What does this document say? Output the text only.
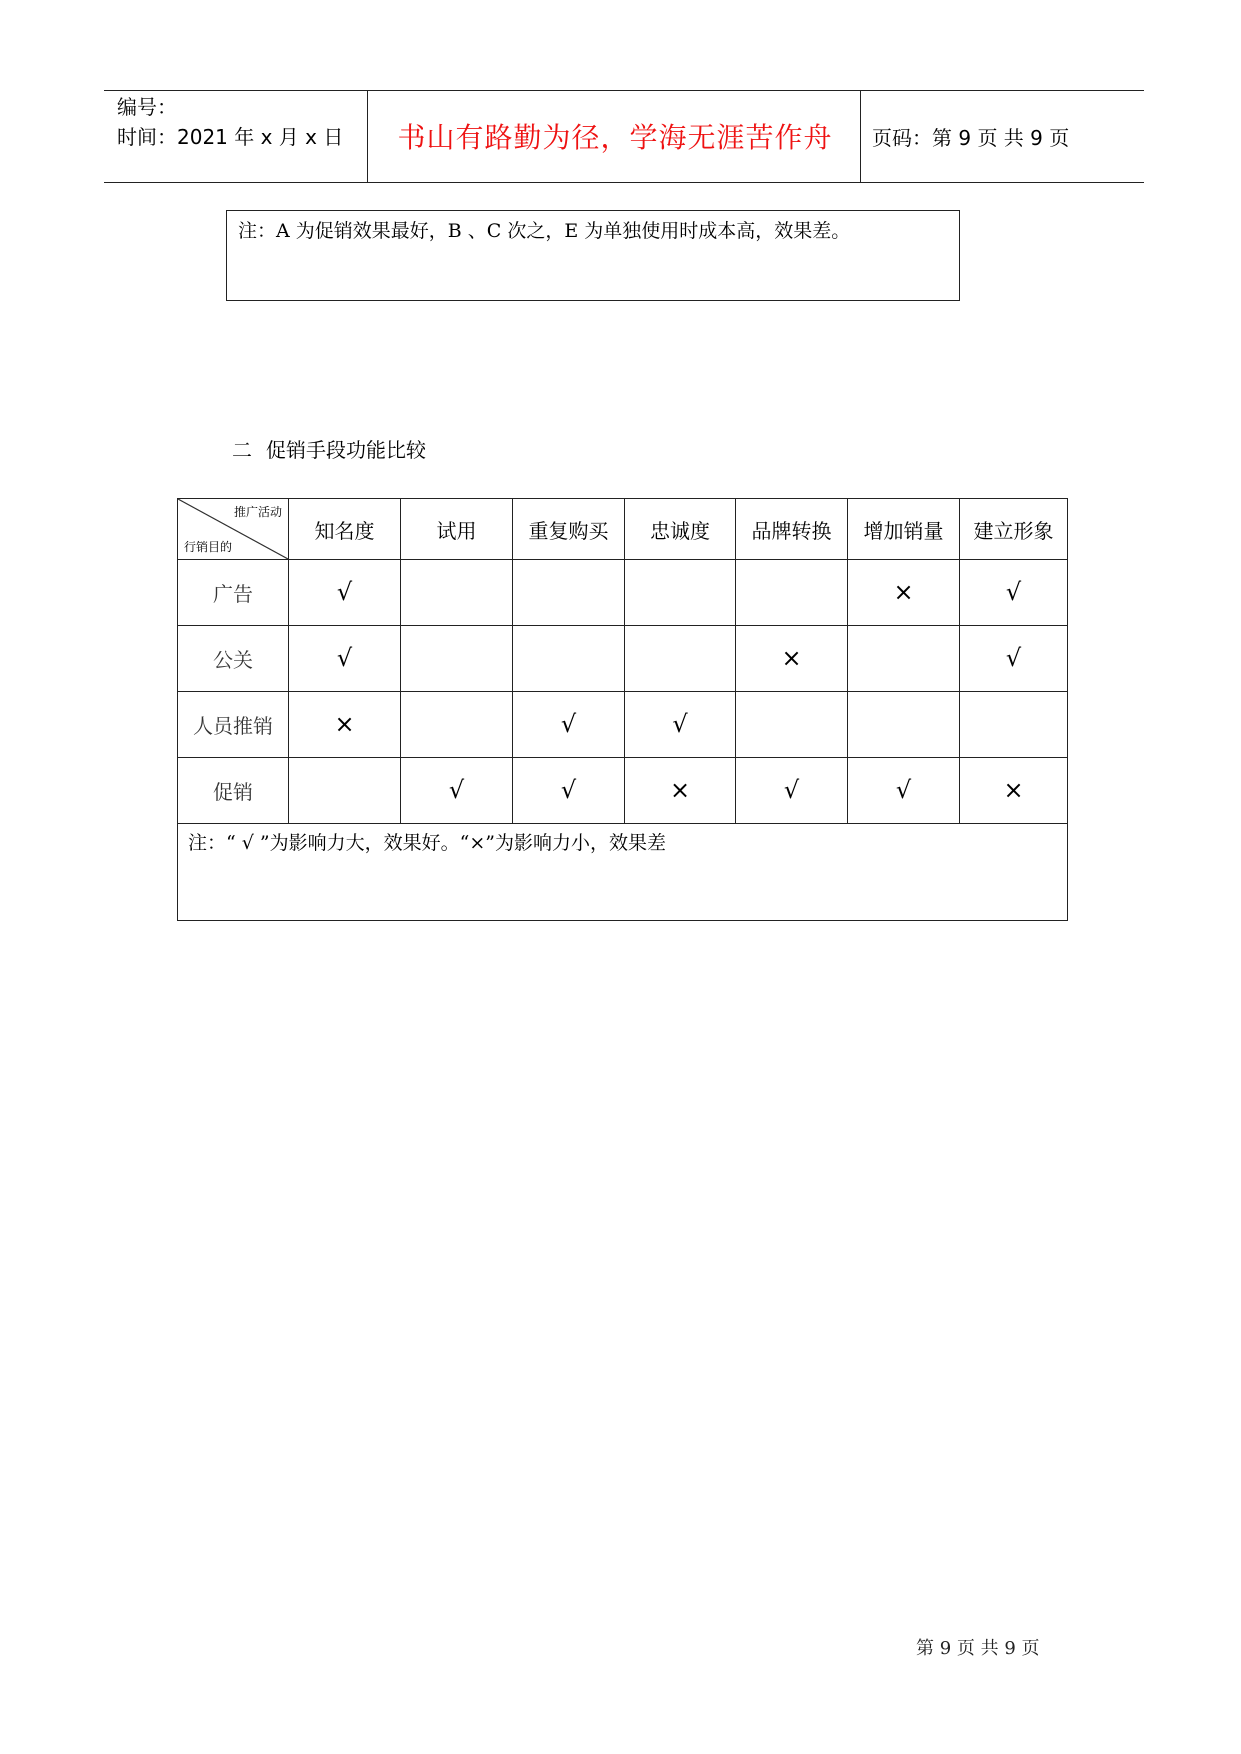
编号：
时间：2021 年 x 月 x 日	书山有路勤为径，学海无涯苦作舟	页码：第 9 页 共 9 页
注：A 为促销效果最好，B 、C 次之，E 为单独使用时成本高，效果差。
二 促销手段功能比较
推广活动
行销目的	知名度	试用	重复购买	忠诚度	品牌转换	增加销量	建立形象
广告	√					×	√
公关	√				×		√
人员推销	×		√	√			
促销		√	√	×	√	√	×
注：“ √ ”为影响力大，效果好。“×”为影响力小，效果差							
第 9 页 共 9 页
